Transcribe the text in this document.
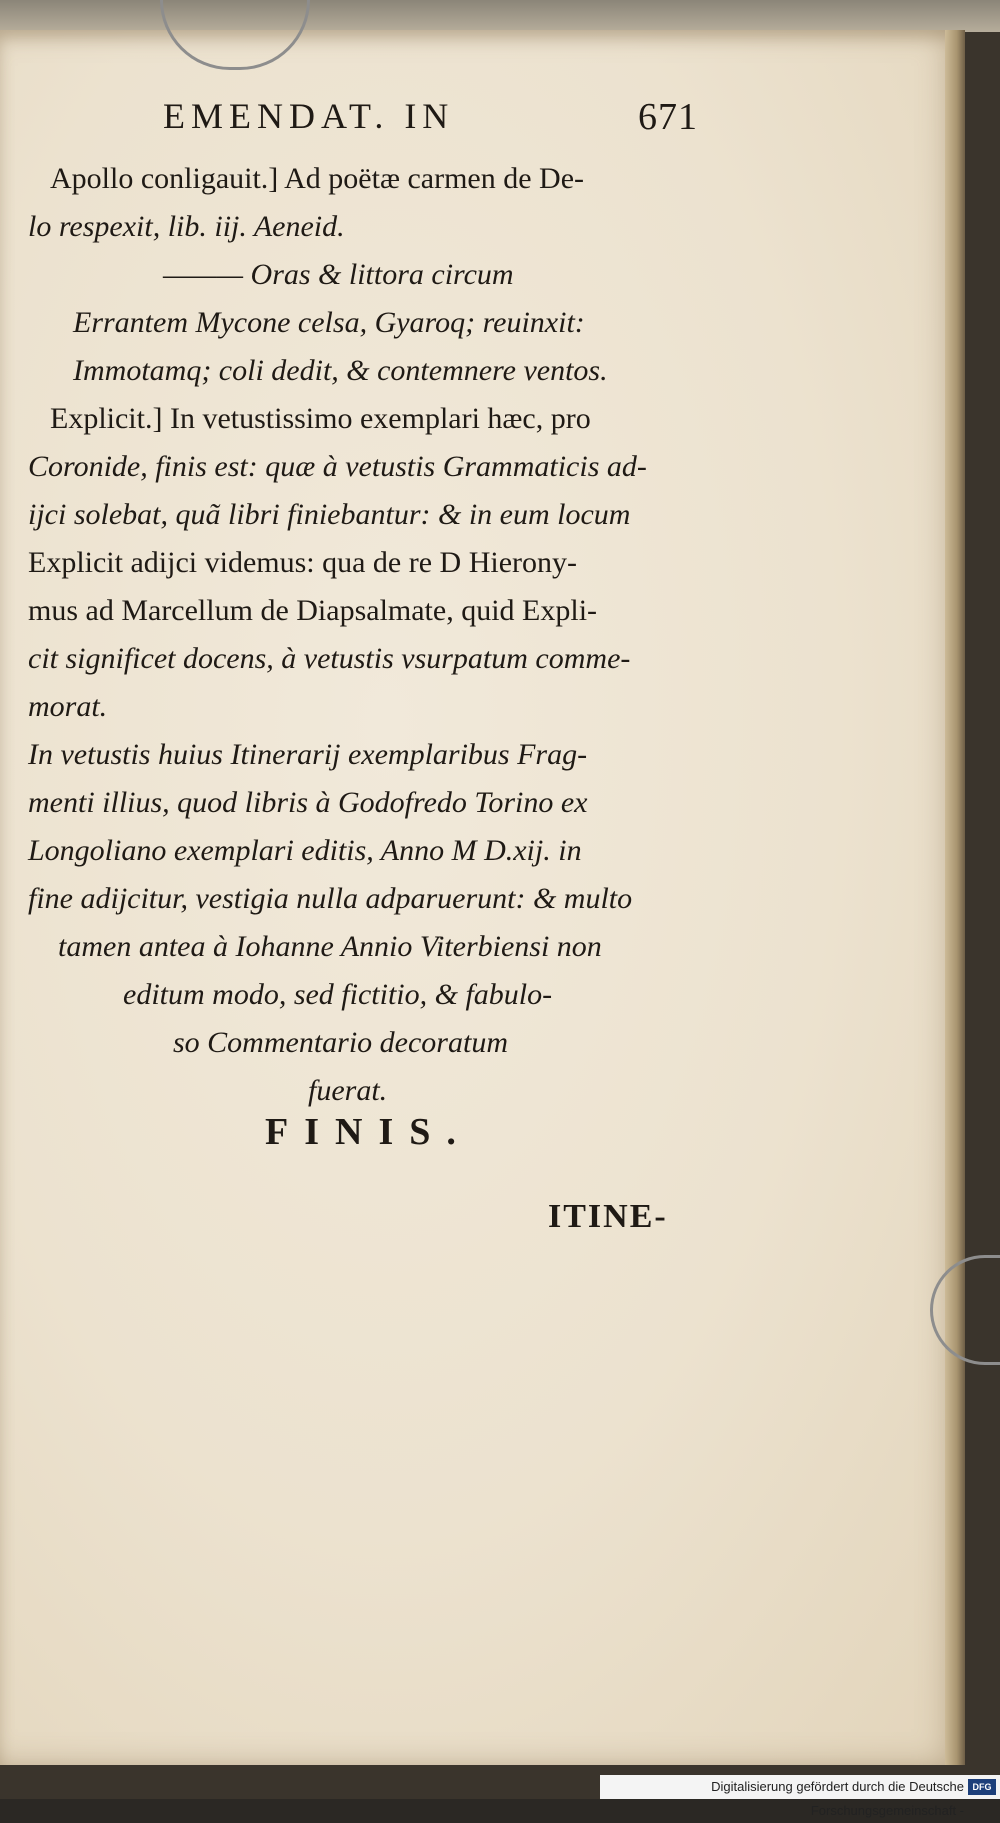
EMENDAT. IN	671
Apollo conligauit.] Ad poëtæ carmen de De-
lo respexit, lib. iij. Aeneid.
——— Oras & littora circum
Errantem Mycone celsa, Gyaroq; reuinxit:
Immotamq; coli dedit, & contemnere ventos.
Explicit.] In vetustissimo exemplari hæc, pro
Coronide, finis est: quæ à vetustis Grammaticis ad-
ijci solebat, quã libri finiebantur: & in eum locum
Explicit adijci videmus: qua de re D Hierony-
mus ad Marcellum de Diapsalmate, quid Expli-
cit significet docens, à vetustis vsurpatum comme-
morat.
In vetustis huius Itinerarij exemplaribus Frag-
menti illius, quod libris à Godofredo Torino ex
Longoliano exemplari editis, Anno M D.xij. in
fine adijcitur, vestigia nulla adparuerunt: & multo
tamen antea à Iohanne Annio Viterbiensi non
editum modo, sed fictitio, & fabulo-
so Commentario decoratum
fuerat.
FINIS.
ITINE-
Digitalisierung gefördert durch die Deutsche Forschungsgemeinschaft -
DFG
